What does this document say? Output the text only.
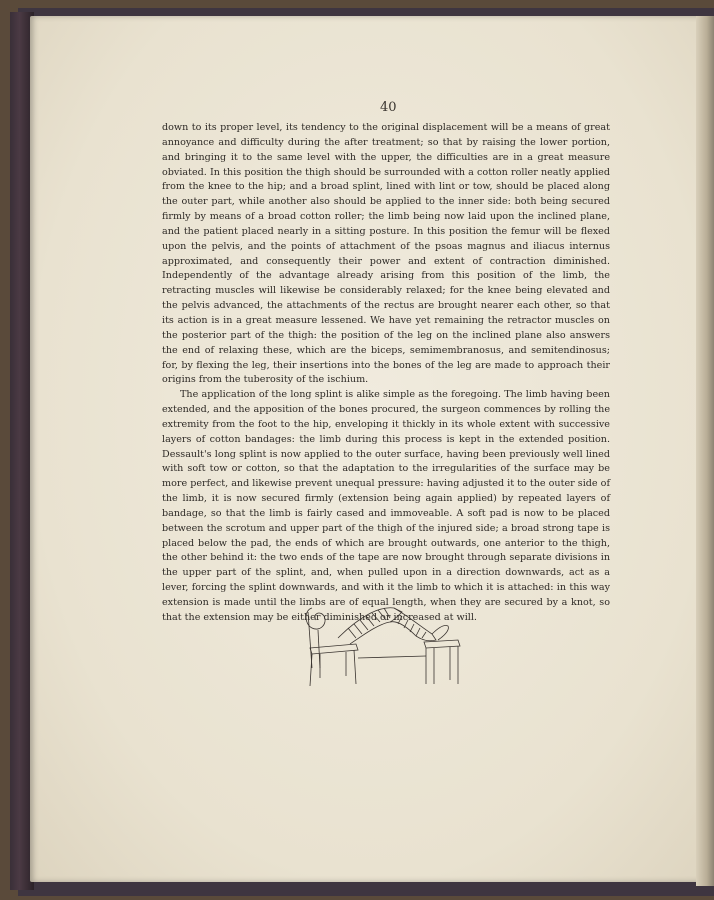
40

down to its proper level, its tendency to the original displacement will be a means of great annoyance and difficulty during the after treatment; so that by raising the lower portion, and bringing it to the same level with the upper, the difficulties are in a great measure obviated. In this position the thigh should be surrounded with a cotton roller neatly applied from the knee to the hip; and a broad splint, lined with lint or tow, should be placed along the outer part, while another also should be applied to the inner side: both being secured firmly by means of a broad cotton roller; the limb being now laid upon the inclined plane, and the patient placed nearly in a sitting posture. In this position the femur will be flexed upon the pelvis, and the points of attachment of the psoas magnus and iliacus internus approximated, and consequently their power and extent of contraction diminished. Independently of the advantage already arising from this position of the limb, the retracting muscles will likewise be considerably relaxed; for the knee being elevated and the pelvis advanced, the attachments of the rectus are brought nearer each other, so that its action is in a great measure lessened. We have yet remaining the retractor muscles on the posterior part of the thigh: the position of the leg on the inclined plane also answers the end of relaxing these, which are the biceps, semimembranosus, and semitendinosus; for, by flexing the leg, their insertions into the bones of the leg are made to approach their origins from the tuberosity of the ischium.

The application of the long splint is alike simple as the foregoing. The limb having been extended, and the apposition of the bones procured, the surgeon commences by rolling the extremity from the foot to the hip, enveloping it thickly in its whole extent with successive layers of cotton bandages: the limb during this process is kept in the extended position. Dessault's long splint is now applied to the outer surface, having been previously well lined with soft tow or cotton, so that the adaptation to the irregularities of the surface may be more perfect, and likewise prevent unequal pressure: having adjusted it to the outer side of the limb, it is now secured firmly (extension being again applied) by repeated layers of bandage, so that the limb is fairly cased and immoveable. A soft pad is now to be placed between the scrotum and upper part of the thigh of the injured side; a broad strong tape is placed below the pad, the ends of which are brought outwards, one anterior to the thigh, the other behind it: the two ends of the tape are now brought through separate divisions in the upper part of the splint, and, when pulled upon in a direction downwards, act as a lever, forcing the splint downwards, and with it the limb to which it is attached: in this way extension is made until the limbs are of equal length, when they are secured by a knot, so that the extension may be either diminished or increased at will.
